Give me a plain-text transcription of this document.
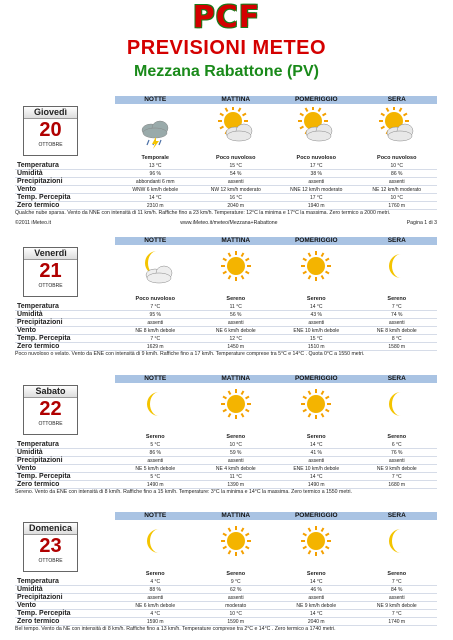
PCF
PREVISIONI METEO
Mezzana Rabattone (PV)
NOTTE	MATTINA	POMERIGGIO	SERA
Giovedì
20
OTTOBRE
Temporale	Poco nuvoloso	Poco nuvoloso	Poco nuvoloso
Temperatura	13 °C	15 °C	17 °C	10 °C
Umidità	96 %	54 %	38 %	86 %
Precipitazioni	abbondanti 6 mm	assenti	assenti	assenti
Vento	WNW 6 km/h debole	NW 12 km/h moderato	NNE 12 km/h moderato	NE 12 km/h moderato
Temp. Percepita	14 °C	16 °C	17 °C	10 °C
Zero termico	2310 m	2040 m	1940 m	1760 m
Qualche nube sparsa. Vento da NNE con intensità di 11 km/h. Raffiche fino a 23 km/h. Temperature: 12°C la minima e 17°C la massima. Zero termico a 2000 metri.
NOTTE	MATTINA	POMERIGGIO	SERA
Venerdì
21
OTTOBRE
Poco nuvoloso	Sereno	Sereno	Sereno
Temperatura	7 °C	11 °C	14 °C	7 °C
Umidità	95 %	56 %	43 %	74 %
Precipitazioni	assenti	assenti	assenti	assenti
Vento	NE 8 km/h debole	NE 6 km/h debole	ENE 10 km/h debole	NE 8 km/h debole
Temp. Percepita	7 °C	12 °C	15 °C	8 °C
Zero termico	1629 m	1450 m	1510 m	1580 m
Poco nuvoloso o velato. Vento da ENE con intensità di 9 km/h. Raffiche fino a 17 km/h. Temperature comprese tra 5°C e 14°C . Quota 0°C a 1550 metri.
NOTTE	MATTINA	POMERIGGIO	SERA
Sabato
22
OTTOBRE
Sereno	Sereno	Sereno	Sereno
Temperatura	5 °C	10 °C	14 °C	6 °C
Umidità	86 %	59 %	41 %	76 %
Precipitazioni	assenti	assenti	assenti	assenti
Vento	NE 5 km/h debole	NE 4 km/h debole	ENE 10 km/h debole	NE 9 km/h debole
Temp. Percepita	5 °C	11 °C	14 °C	7 °C
Zero termico	1490 m	1390 m	1490 m	1680 m
Sereno. Vento da ENE con intensità di 8 km/h. Raffiche fino a 15 km/h. Temperature: 3°C la minima e 14°C la massima. Zero termico a 1550 metri.
NOTTE	MATTINA	POMERIGGIO	SERA
Domenica
23
OTTOBRE
Sereno	Sereno	Sereno	Sereno
Temperatura	4 °C	9 °C	14 °C	7 °C
Umidità	88 %	62 %	46 %	84 %
Precipitazioni	assenti	assenti	assenti	assenti
Vento	NE 6 km/h debole	moderato	NE 9 km/h debole	NE 9 km/h debole
Temp. Percepita	4 °C	10 °C	14 °C	7 °C
Zero termico	1590 m	1590 m	2040 m	1740 m
Bel tempo. Vento da NE con intensità di 8 km/h. Raffiche fino a 13 km/h. Temperature comprese tra 2°C e 14°C . Zero termico a 1740 metri.
©2011 iMeteo.it	www.iMeteo.it/meteo/Mezzana+Rabattone	Pagina 1 di 3
